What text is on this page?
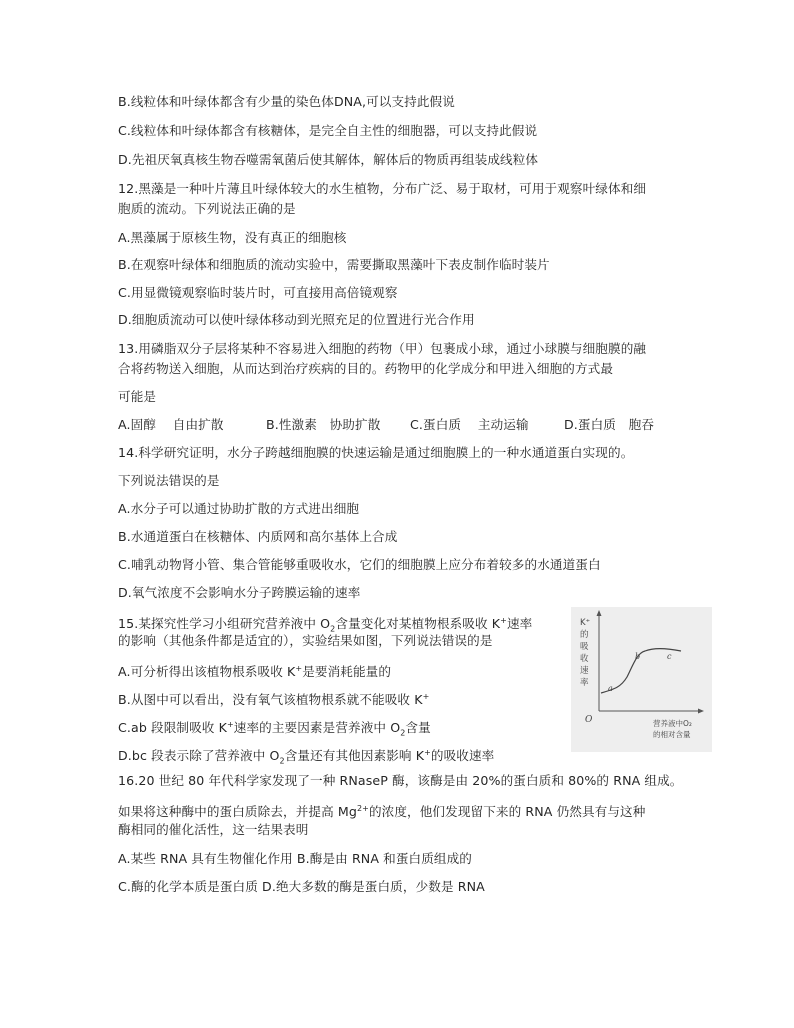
B.线粒体和叶绿体都含有少量的染色体DNA,可以支持此假说
C.线粒体和叶绿体都含有核糖体，是完全自主性的细胞器，可以支持此假说
D.先祖厌氧真核生物吞噬需氧菌后使其解体，解体后的物质再组装成线粒体
12.黑藻是一种叶片薄且叶绿体较大的水生植物，分布广泛、易于取材，可用于观察叶绿体和细
胞质的流动。下列说法正确的是
A.黑藻属于原核生物，没有真正的细胞核
B.在观察叶绿体和细胞质的流动实验中，需要撕取黑藻叶下表皮制作临时装片
C.用显微镜观察临时装片时，可直接用高倍镜观察
D.细胞质流动可以使叶绿体移动到光照充足的位置进行光合作用
13.用磷脂双分子层将某种不容易进入细胞的药物（甲）包裹成小球，通过小球膜与细胞膜的融
合将药物送入细胞，从而达到治疗疾病的目的。药物甲的化学成分和甲进入细胞的方式最
可能是
A.固醇　 自由扩散	B.性激素　协助扩散 C.蛋白质　 主动运输	D.蛋白质　胞吞
14.科学研究证明，水分子跨越细胞膜的快速运输是通过细胞膜上的一种水通道蛋白实现的。
下列说法错误的是
A.水分子可以通过协助扩散的方式进出细胞
B.水通道蛋白在核糖体、内质网和高尔基体上合成
C.哺乳动物肾小管、集合管能够重吸收水，它们的细胞膜上应分布着较多的水通道蛋白
D.氧气浓度不会影响水分子跨膜运输的速率
15.某探究性学习小组研究营养液中 $O_2$含量变化对某植物根系吸收 K+速率
的影响（其他条件都是适宜的），实验结果如图，下列说法错误的是
A.可分析得出该植物根系吸收 K+是要消耗能量的
B.从图中可以看出，没有氧气该植物根系就不能吸收 K+
C.ab 段限制吸收 K+速率的主要因素是营养液中 $O_2$含量
D.bc 段表示除了营养液中 $O_2$含量还有其他因素影响 K+的吸收速率
K⁺
的
吸
收
速
率
O
a
b	c
营养液中O₂
的相对含量
16.20 世纪 80 年代科学家发现了一种 RNaseP 酶，该酶是由 20%的蛋白质和 80%的 RNA 组成。
如果将这种酶中的蛋白质除去，并提高 $Mg^{2+}$的浓度，他们发现留下来的 RNA 仍然具有与这种
酶相同的催化活性，这一结果表明
A.某些 RNA 具有生物催化作用 B.酶是由 RNA 和蛋白质组成的
C.酶的化学本质是蛋白质 D.绝大多数的酶是蛋白质，少数是 RNA
